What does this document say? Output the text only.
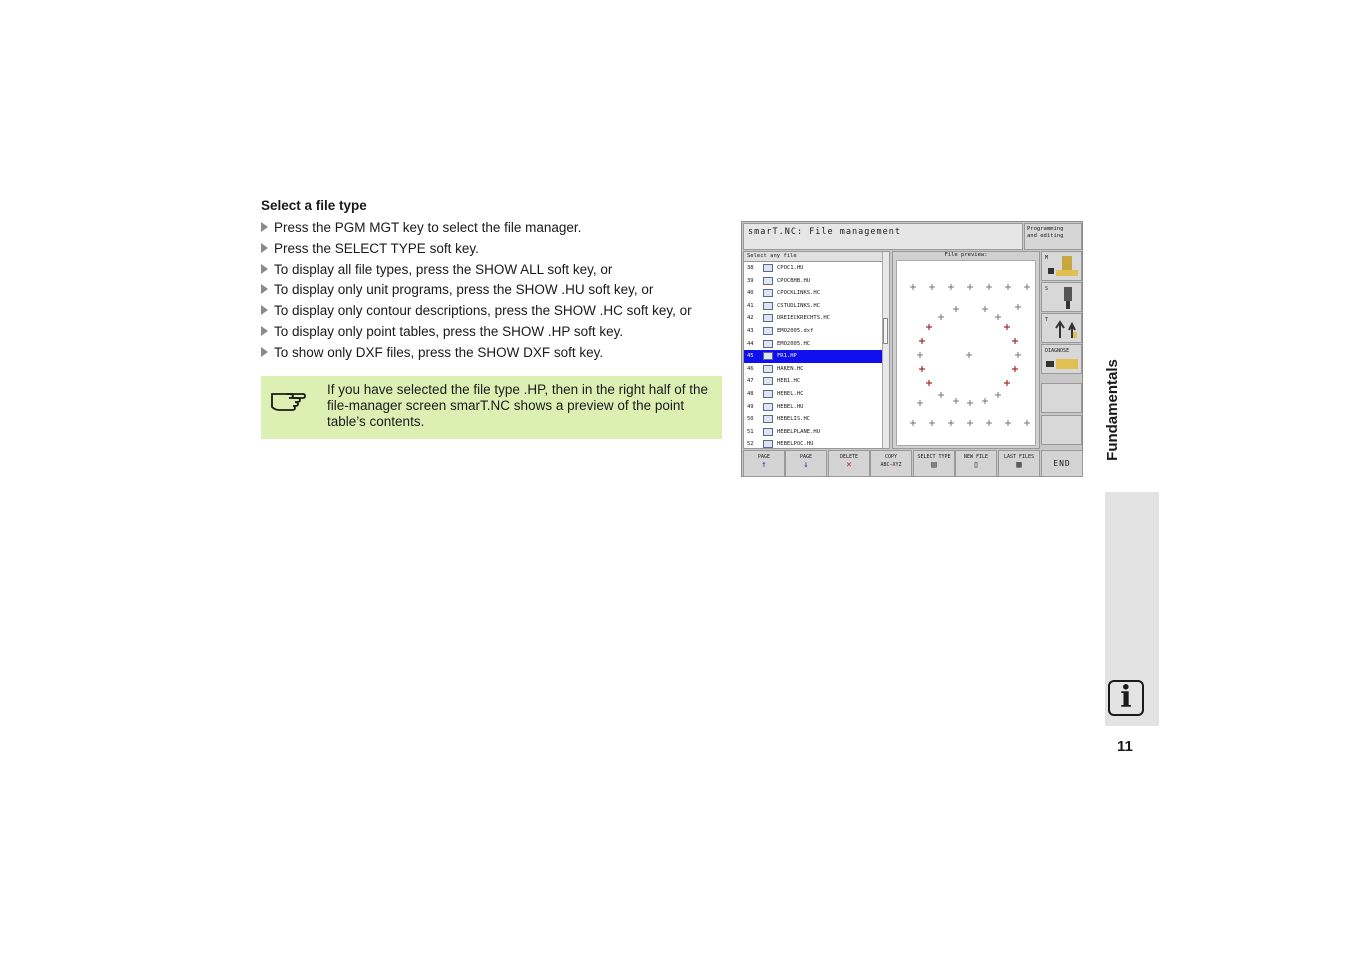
Select a file type
Press the PGM MGT key to select the file manager.
Press the SELECT TYPE soft key.
To display all file types, press the SHOW ALL soft key, or
To display only unit programs, press the SHOW .HU soft key, or
To display only contour descriptions, press the SHOW .HC soft key, or
To display only point tables, press the SHOW .HP soft key.
To show only DXF files, press the SHOW DXF soft key.
If you have selected the file type .HP, then in the right half of the file-manager screen smarT.NC shows a preview of the point table’s contents.
smarT.NC: File management	Programming
and editing
Select any file
38	CPOC1.HU
39	CPOCBHB.HU
40	CPOCKLINKS.HC
41	CSTUDLINKS.HC
42	DREIECKRECHTS.HC
43	EMO2005.dxf
44	EMO2005.HC
45	FR1.HP
46	HAKEN.HC
47	HEB1.HC
48	HEBEL.HC
49	HEBEL.HU
50	HEBELIS.HC
51	HEBELPLANE.HU
52	HEBELPOC.HU
File preview:	M
S
T
DIAGNOSE
PAGE
↑
PAGE
↓
DELETE
✕
COPY
ABC→XYZ
SELECT TYPE
▤
NEW FILE
▯
LAST FILES
▦	END
Fundamentals
i
11
